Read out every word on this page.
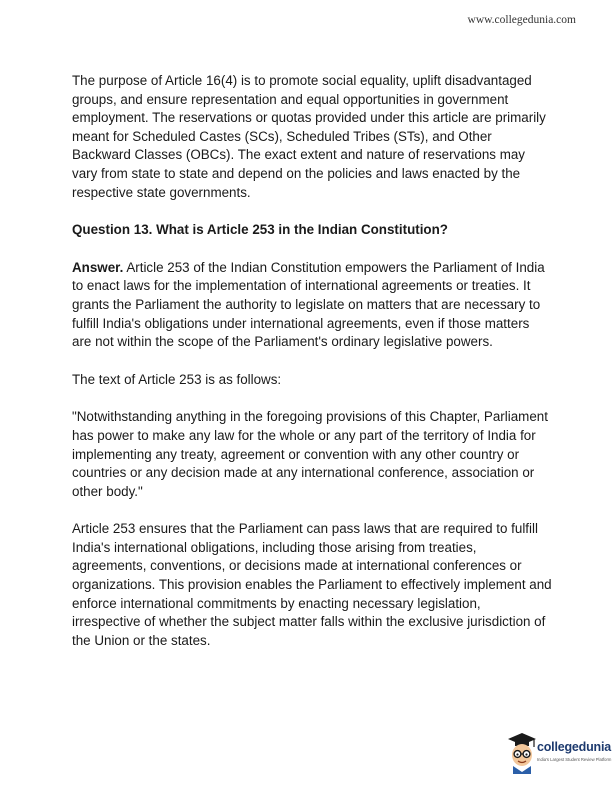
www.collegedunia.com

The purpose of Article 16(4) is to promote social equality, uplift disadvantaged groups, and ensure representation and equal opportunities in government employment. The reservations or quotas provided under this article are primarily meant for Scheduled Castes (SCs), Scheduled Tribes (STs), and Other Backward Classes (OBCs). The exact extent and nature of reservations may vary from state to state and depend on the policies and laws enacted by the respective state governments.

Question 13. What is Article 253 in the Indian Constitution?

Answer. Article 253 of the Indian Constitution empowers the Parliament of India to enact laws for the implementation of international agreements or treaties. It grants the Parliament the authority to legislate on matters that are necessary to fulfill India's obligations under international agreements, even if those matters are not within the scope of the Parliament's ordinary legislative powers.

The text of Article 253 is as follows:

"Notwithstanding anything in the foregoing provisions of this Chapter, Parliament has power to make any law for the whole or any part of the territory of India for implementing any treaty, agreement or convention with any other country or countries or any decision made at any international conference, association or other body."

Article 253 ensures that the Parliament can pass laws that are required to fulfill India's international obligations, including those arising from treaties, agreements, conventions, or decisions made at international conferences or organizations. This provision enables the Parliament to effectively implement and enforce international commitments by enacting necessary legislation, irrespective of whether the subject matter falls within the exclusive jurisdiction of the Union or the states.

collegedunia
India's Largest Student Review Platform
